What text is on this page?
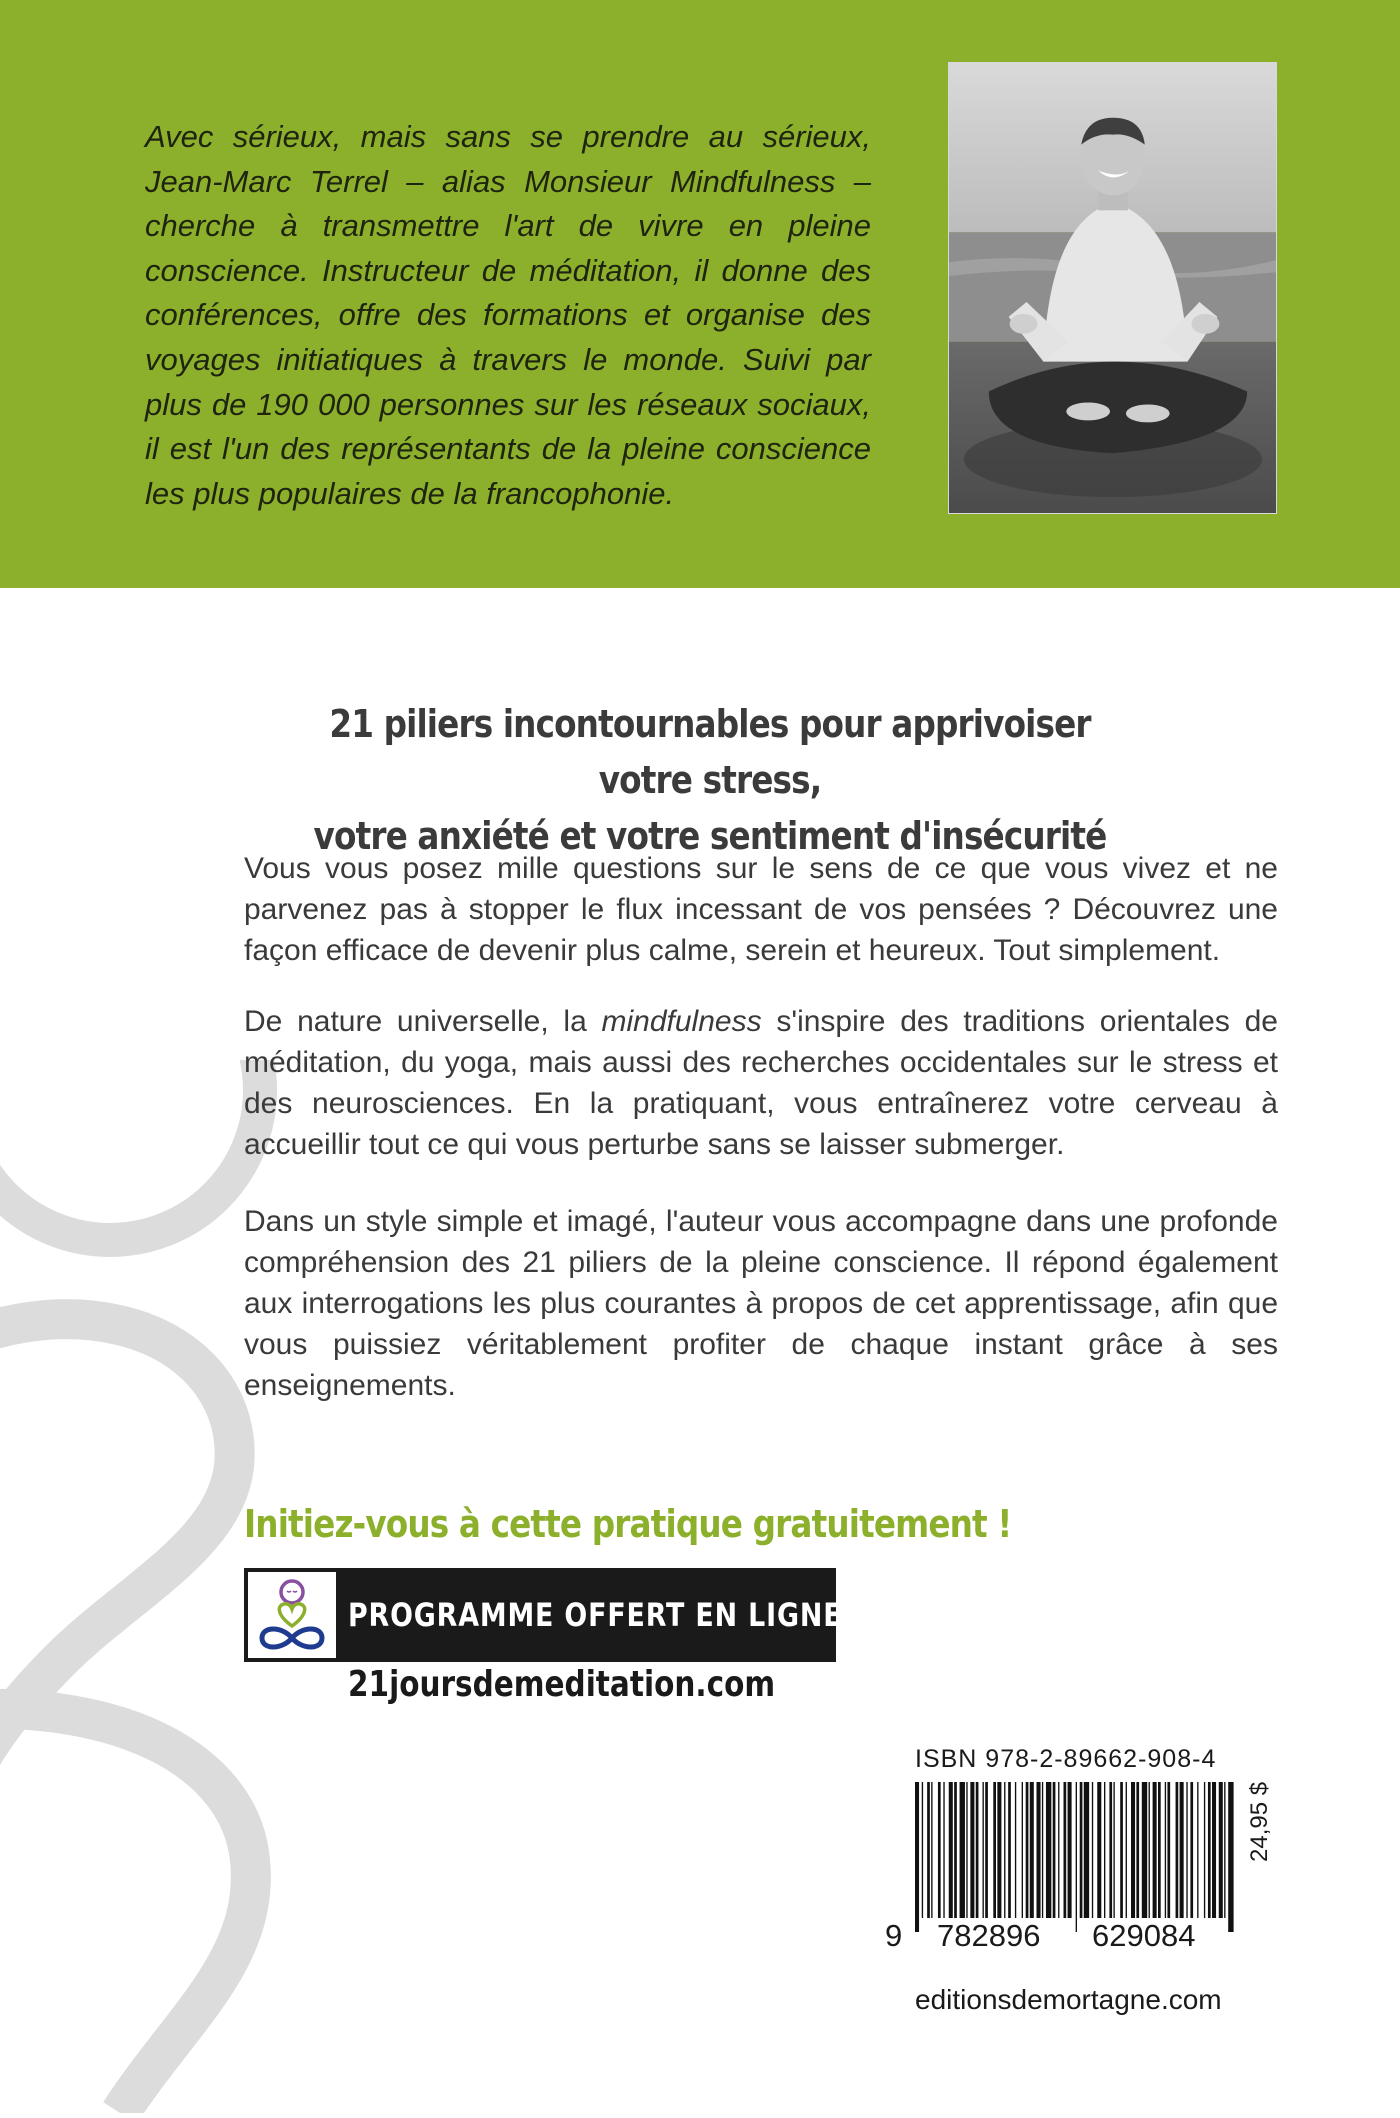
Avec sérieux, mais sans se prendre au sérieux, Jean-Marc Terrel – alias Monsieur Mindfulness – cherche à transmettre l'art de vivre en pleine conscience. Instructeur de méditation, il donne des conférences, offre des formations et organise des voyages initiatiques à travers le monde. Suivi par plus de 190 000 personnes sur les réseaux sociaux, il est l'un des représentants de la pleine conscience les plus populaires de la francophonie.

21 piliers incontournables pour apprivoiser votre stress,
votre anxiété et votre sentiment d'insécurité

Vous vous posez mille questions sur le sens de ce que vous vivez et ne parvenez pas à stopper le flux incessant de vos pensées ? Découvrez une façon efficace de devenir plus calme, serein et heureux. Tout simplement.

De nature universelle, la mindfulness s'inspire des traditions orientales de méditation, du yoga, mais aussi des recherches occidentales sur le stress et des neurosciences. En la pratiquant, vous entraînerez votre cerveau à accueillir tout ce qui vous perturbe sans se laisser submerger.

Dans un style simple et imagé, l'auteur vous accompagne dans une profonde compréhension des 21 piliers de la pleine conscience. Il répond également aux interrogations les plus courantes à propos de cet apprentissage, afin que vous puissiez véritablement profiter de chaque instant grâce à ses enseignements.

Initiez-vous à cette pratique gratuitement !

PROGRAMME OFFERT EN LIGNE

21joursdemeditation.com

ISBN 978-2-89662-908-4
9 782896 629084
24,95 $
editionsdemortagne.com
